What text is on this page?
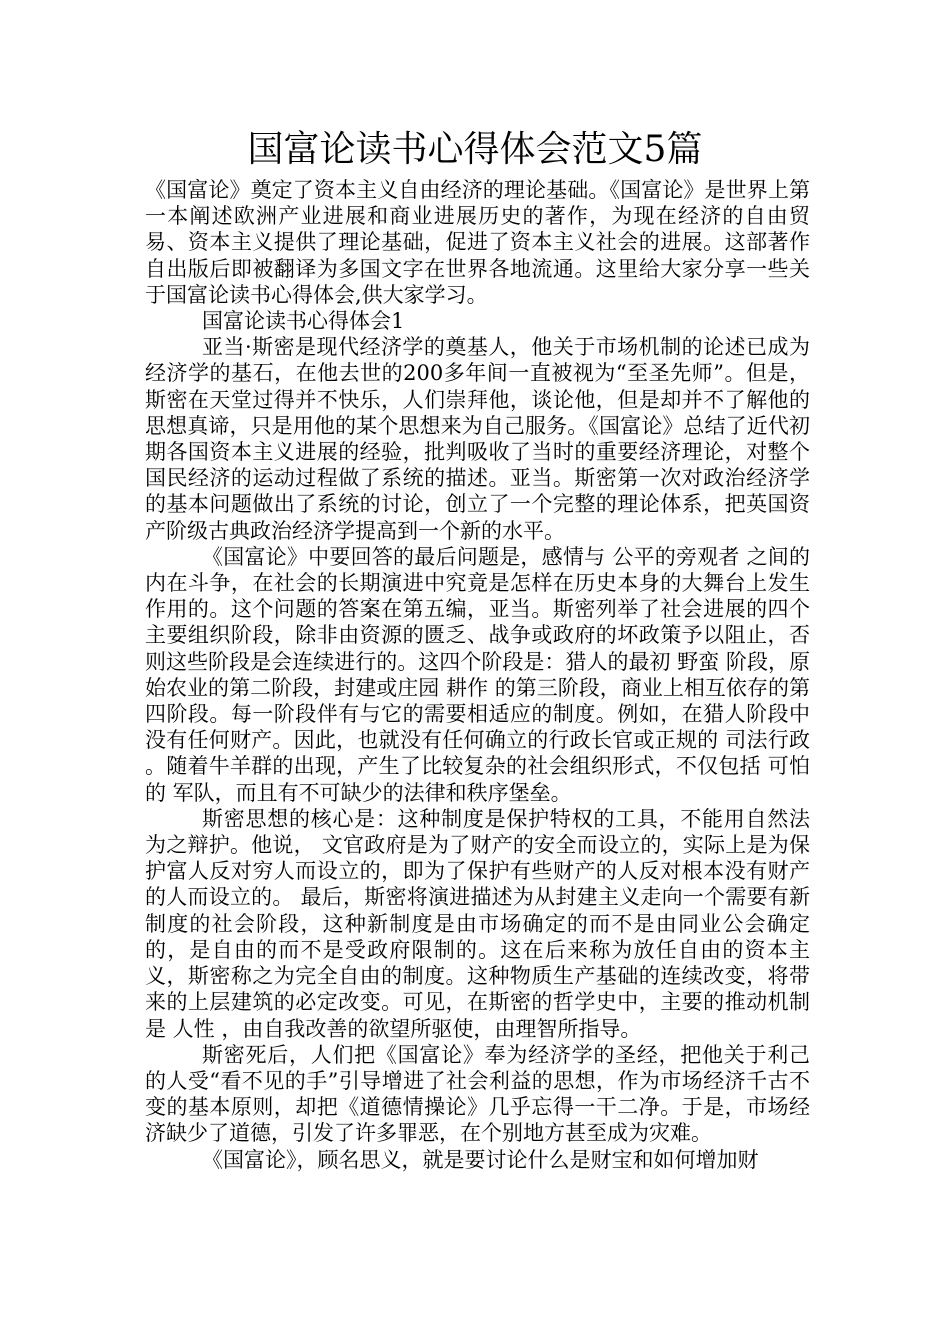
国富论读书心得体会范文5篇

《国富论》奠定了资本主义自由经济的理论基础。《国富论》是世界上第一本阐述欧洲产业进展和商业进展历史的著作，为现在经济的自由贸易、资本主义提供了理论基础，促进了资本主义社会的进展。这部著作自出版后即被翻译为多国文字在世界各地流通。这里给大家分享一些关于国富论读书心得体会,供大家学习。

国富论读书心得体会1

亚当·斯密是现代经济学的奠基人，他关于市场机制的论述已成为经济学的基石，在他去世的200多年间一直被视为“至圣先师”。但是，斯密在天堂过得并不快乐，人们崇拜他，谈论他，但是却并不了解他的思想真谛，只是用他的某个思想来为自己服务。《国富论》总结了近代初期各国资本主义进展的经验，批判吸收了当时的重要经济理论，对整个国民经济的运动过程做了系统的描述。亚当。斯密第一次对政治经济学的基本问题做出了系统的讨论，创立了一个完整的理论体系，把英国资产阶级古典政治经济学提高到一个新的水平。

《国富论》中要回答的最后问题是，感情与 公平的旁观者 之间的内在斗争，在社会的长期演进中究竟是怎样在历史本身的大舞台上发生作用的。这个问题的答案在第五编，亚当。斯密列举了社会进展的四个主要组织阶段，除非由资源的匮乏、战争或政府的坏政策予以阻止，否则这些阶段是会连续进行的。这四个阶段是：猎人的最初 野蛮 阶段，原始农业的第二阶段，封建或庄园 耕作 的第三阶段，商业上相互依存的第四阶段。每一阶段伴有与它的需要相适应的制度。例如，在猎人阶段中 没有任何财产。因此，也就没有任何确立的行政长官或正规的 司法行政 。随着牛羊群的出现，产生了比较复杂的社会组织形式，不仅包括 可怕的 军队，而且有不可缺少的法律和秩序堡垒。

斯密思想的核心是：这种制度是保护特权的工具，不能用自然法为之辩护。他说， 文官政府是为了财产的安全而设立的，实际上是为保护富人反对穷人而设立的，即为了保护有些财产的人反对根本没有财产的人而设立的。 最后，斯密将演进描述为从封建主义走向一个需要有新制度的社会阶段，这种新制度是由市场确定的而不是由同业公会确定的，是自由的而不是受政府限制的。这在后来称为放任自由的资本主义，斯密称之为完全自由的制度。这种物质生产基础的连续改变，将带来的上层建筑的必定改变。可见，在斯密的哲学史中，主要的推动机制是 人性 ，由自我改善的欲望所驱使，由理智所指导。

斯密死后，人们把《国富论》奉为经济学的圣经，把他关于利己的人受“看不见的手”引导增进了社会利益的思想，作为市场经济千古不变的基本原则，却把《道德情操论》几乎忘得一干二净。于是，市场经济缺少了道德，引发了许多罪恶，在个别地方甚至成为灾难。

《国富论》，顾名思义，就是要讨论什么是财宝和如何增加财
